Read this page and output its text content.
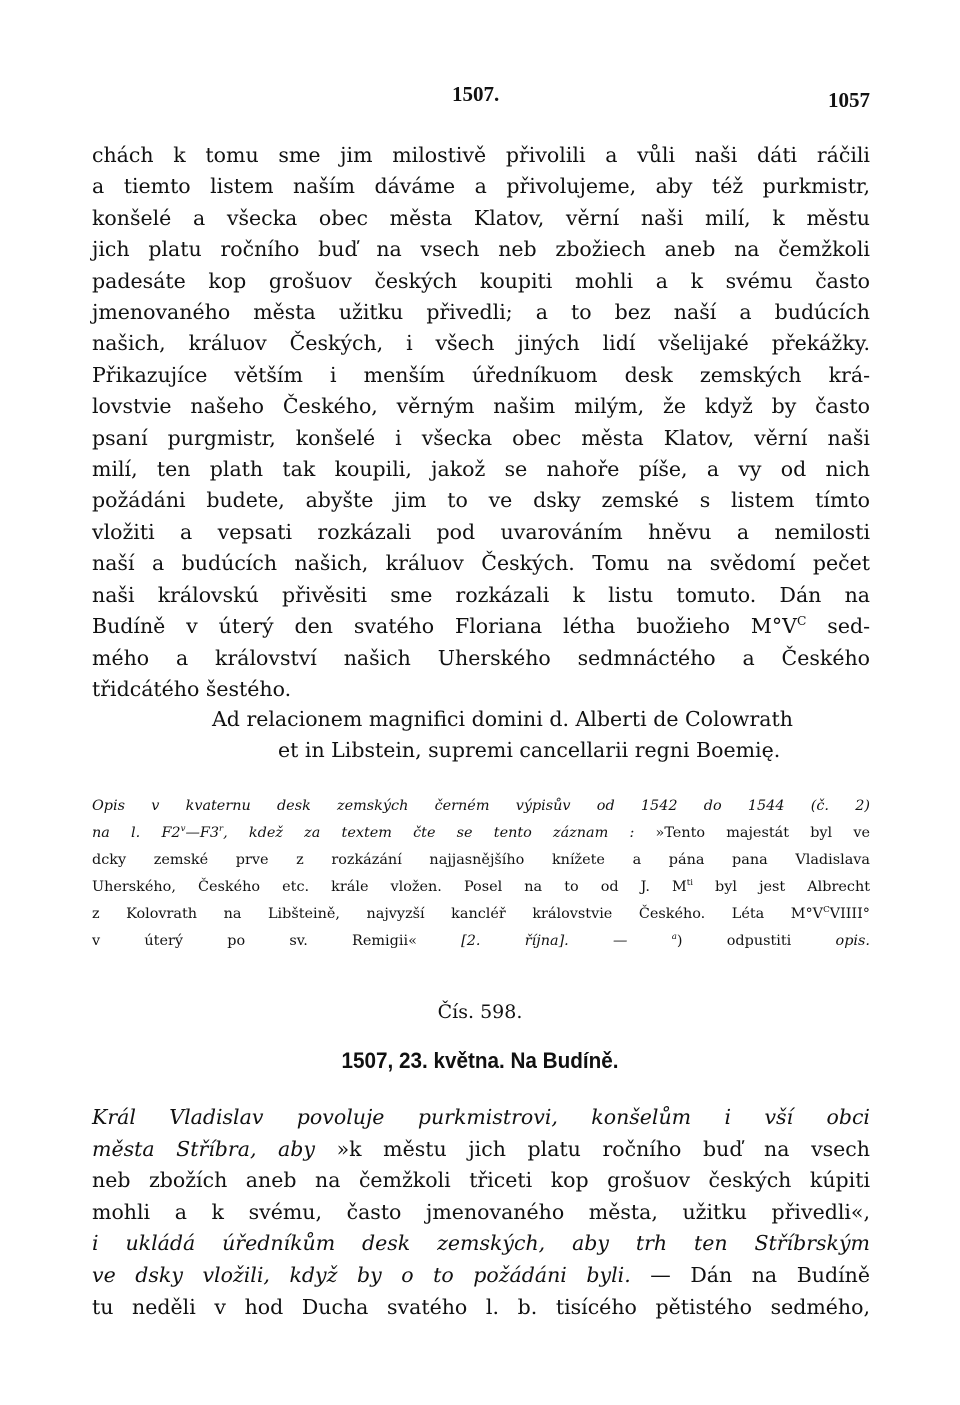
1507.	1057
chách k tomu sme jim milostivě přivolili a vůli naši dáti ráčili
a tiemto listem naším dáváme a přivolujeme, aby též purkmistr,
konšelé a všecka obec města Klatov, věrní naši milí, k městu
jich platu ročního buď na vsech neb zbožiech aneb na čemžkoli
padesáte kop grošuov českých koupiti mohli a k svému často
jmenovaného města užitku přivedli; a to bez naší a budúcích
našich, králuov Českých, i všech jiných lidí všelijaké překážky.
Přikazujíce větším i menším úředníkuom desk zemských krá-
lovstvie našeho Českého, věrným našim milým, že když by často
psaní purgmistr, konšelé i všecka obec města Klatov, věrní naši
milí, ten plath tak koupili, jakož se nahoře píše, a vy od nich
požádáni budete, abyšte jim to ve dsky zemské s listem tímto
vložiti a vepsati rozkázali pod uvarováním hněvu a nemilosti
naší a budúcích našich, králuov Českých. Tomu na svědomí pečet
naši královskú přivěsiti sme rozkázali k listu tomuto. Dán na
Budíně v úterý den svatého Floriana létha buožieho $M^\circ V^C$ sed-
mého a království našich Uherského sedmnáctého a Českého
třidcátého šestého.
Ad relacionem magnifici domini d. Alberti de Colowrath
et in Libstein, supremi cancellarii regni Boemię.
Opis v kvaternu desk zemských černém výpisův od 1542 do 1544 (č. 2)
na l. F2$^v$—F3$^r$, kdež za textem čte se tento záznam : »Tento majestát byl ve
dcky zemské prve z rozkázání najjasnějšího knížete a pána pana Vladislava
Uherského, Českého etc. krále vložen. Posel na to od J. $M^{ti}$ byl jest Albrecht
z Kolovrath na Libšteině, najvyzší kancléř královstvie Českého. Léta $M^\circ V^CVIIII^\circ$
v úterý po sv. Remigii« [2. října]. —	$^a$) odpustiti opis.
Čís. 598.
1507, 23. května. Na Budíně.
Král Vladislav povoluje purkmistrovi, konšelům i vší obci
města Stříbra, aby »k městu jich platu ročního buď na vsech
neb zbožích aneb na čemžkoli třiceti kop grošuov českých kúpiti
mohli a k svému, často jmenovaného města, užitku přivedli«,
i ukládá úředníkům desk zemských, aby trh ten Stříbrským
ve dsky vložili, když by o to požádáni byli. — Dán na Budíně
tu neděli v hod Ducha svatého l. b. tisícého pětistého sedmého,
